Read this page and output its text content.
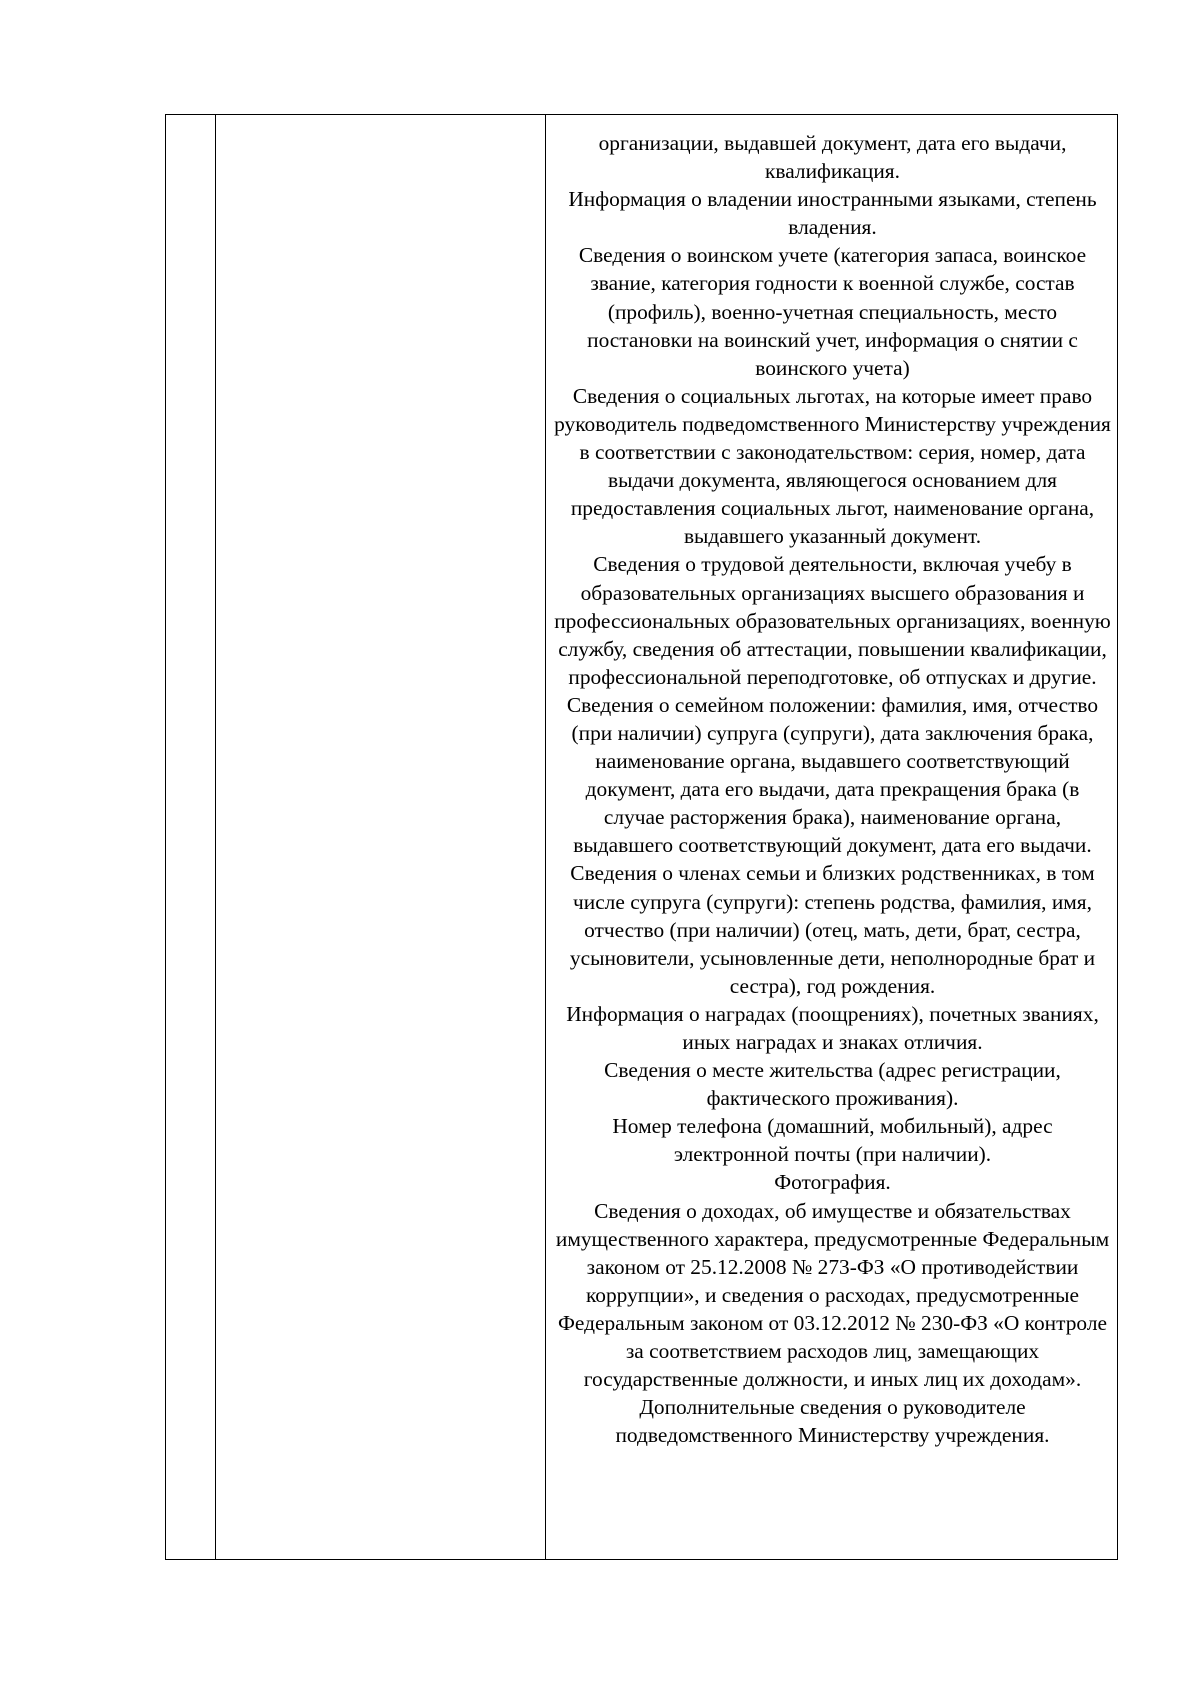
организации, выдавшей документ, дата его выдачи, квалификация.
Информация о владении иностранными языками, степень владения.
Сведения о воинском учете (категория запаса, воинское звание, категория годности к военной службе, состав (профиль), военно-учетная специальность, место постановки на воинский учет, информация о снятии с воинского учета)
Сведения о социальных льготах, на которые имеет право руководитель подведомственного Министерству учреждения в соответствии с законодательством: серия, номер, дата выдачи документа, являющегося основанием для предоставления социальных льгот, наименование органа, выдавшего указанный документ.
Сведения о трудовой деятельности, включая учебу в образовательных организациях высшего образования и профессиональных образовательных организациях, военную службу, сведения об аттестации, повышении квалификации, профессиональной переподготовке, об отпусках и другие.
Сведения о семейном положении: фамилия, имя, отчество (при наличии) супруга (супруги), дата заключения брака, наименование органа, выдавшего соответствующий документ, дата его выдачи, дата прекращения брака (в случае расторжения брака), наименование органа, выдавшего соответствующий документ, дата его выдачи.
Сведения о членах семьи и близких родственниках, в том числе супруга (супруги): степень родства, фамилия, имя, отчество (при наличии) (отец, мать, дети, брат, сестра, усыновители, усыновленные дети, неполнородные брат и сестра), год рождения.
Информация о наградах (поощрениях), почетных званиях, иных наградах и знаках отличия.
Сведения о месте жительства (адрес регистрации, фактического проживания).
Номер телефона (домашний, мобильный), адрес электронной почты (при наличии).
Фотография.
Сведения о доходах, об имуществе и обязательствах имущественного характера, предусмотренные Федеральным законом от 25.12.2008 № 273-ФЗ «О противодействии коррупции», и сведения о расходах, предусмотренные Федеральным законом от 03.12.2012 № 230-ФЗ «О контроле за соответствием расходов лиц, замещающих государственные должности, и иных лиц их доходам».
Дополнительные сведения о руководителе подведомственного Министерству учреждения.
